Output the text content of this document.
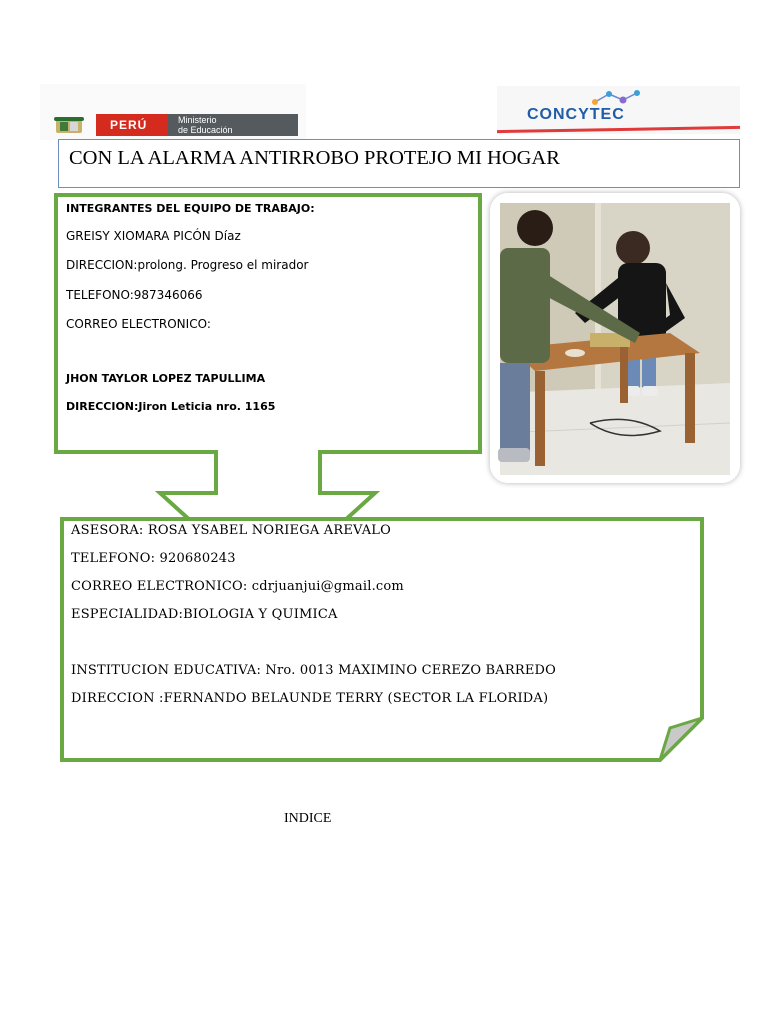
PERÚ	Ministerio
de Educación
CONCYTEC
CON LA ALARMA ANTIRROBO PROTEJO MI HOGAR
INTEGRANTES DEL EQUIPO DE TRABAJO:
GREISY XIOMARA PICÓN Díaz
DIRECCION:prolong. Progreso el mirador
TELEFONO:987346066
CORREO ELECTRONICO:
JHON TAYLOR LOPEZ TAPULLIMA
DIRECCION:Jiron Leticia nro. 1165
ASESORA: ROSA YSABEL NORIEGA AREVALO
TELEFONO: 920680243
CORREO ELECTRONICO: cdrjuanjui@gmail.com
ESPECIALIDAD:BIOLOGIA Y QUIMICA
INSTITUCION EDUCATIVA: Nro. 0013 MAXIMINO CEREZO BARREDO
DIRECCION :FERNANDO BELAUNDE TERRY (SECTOR LA FLORIDA)
INDICE
